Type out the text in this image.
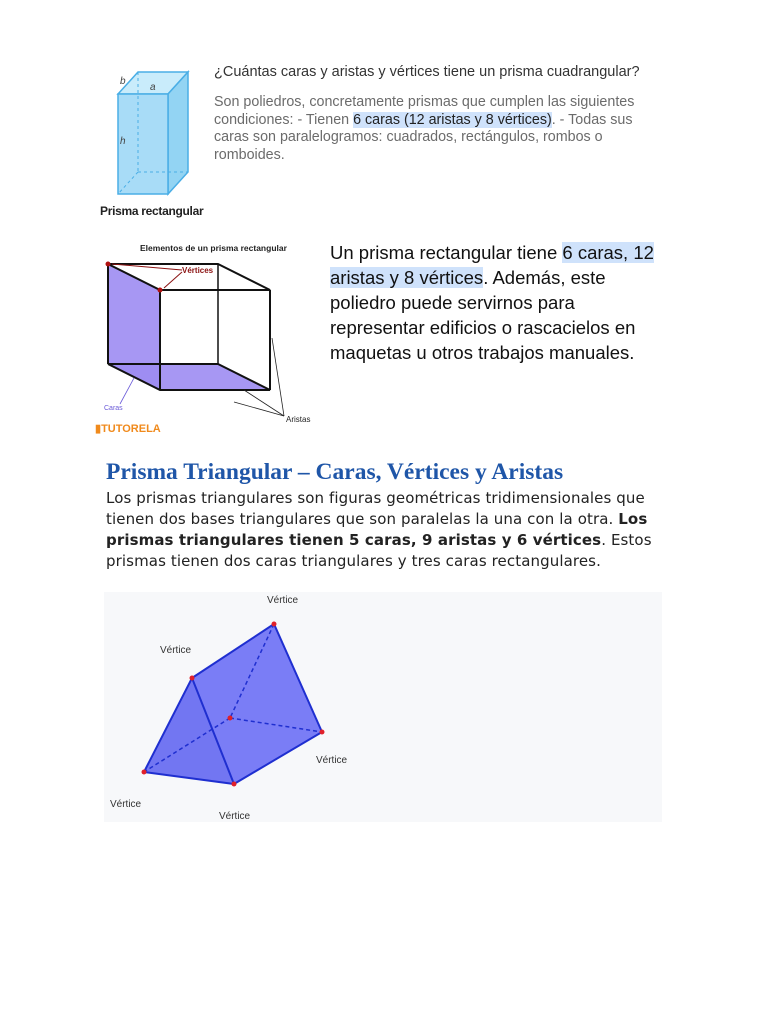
b
a
h
Prisma rectangular
¿Cuántas caras y aristas y vértices tiene un prisma cuadrangular?
Son poliedros, concretamente prismas que cumplen las siguientes condiciones: - Tienen 6 caras (12 aristas y 8 vértices). - Todas sus caras son paralelogramos: cuadrados, rectángulos, rombos o romboides.
Elementos de un prisma rectangular
Vértices
Caras
Aristas
▮TUTORELA
Un prisma rectangular tiene 6 caras, 12 aristas y 8 vértices. Además, este poliedro puede servirnos para representar edificios o rascacielos en maquetas u otros trabajos manuales.
Prisma Triangular – Caras, Vértices y Aristas
Los prismas triangulares son figuras geométricas tridimensionales que tienen dos bases triangulares que son paralelas la una con la otra. Los prismas triangulares tienen 5 caras, 9 aristas y 6 vértices. Estos prismas tienen dos caras triangulares y tres caras rectangulares.
Vértice
Vértice
Vértice
Vértice
Vértice
